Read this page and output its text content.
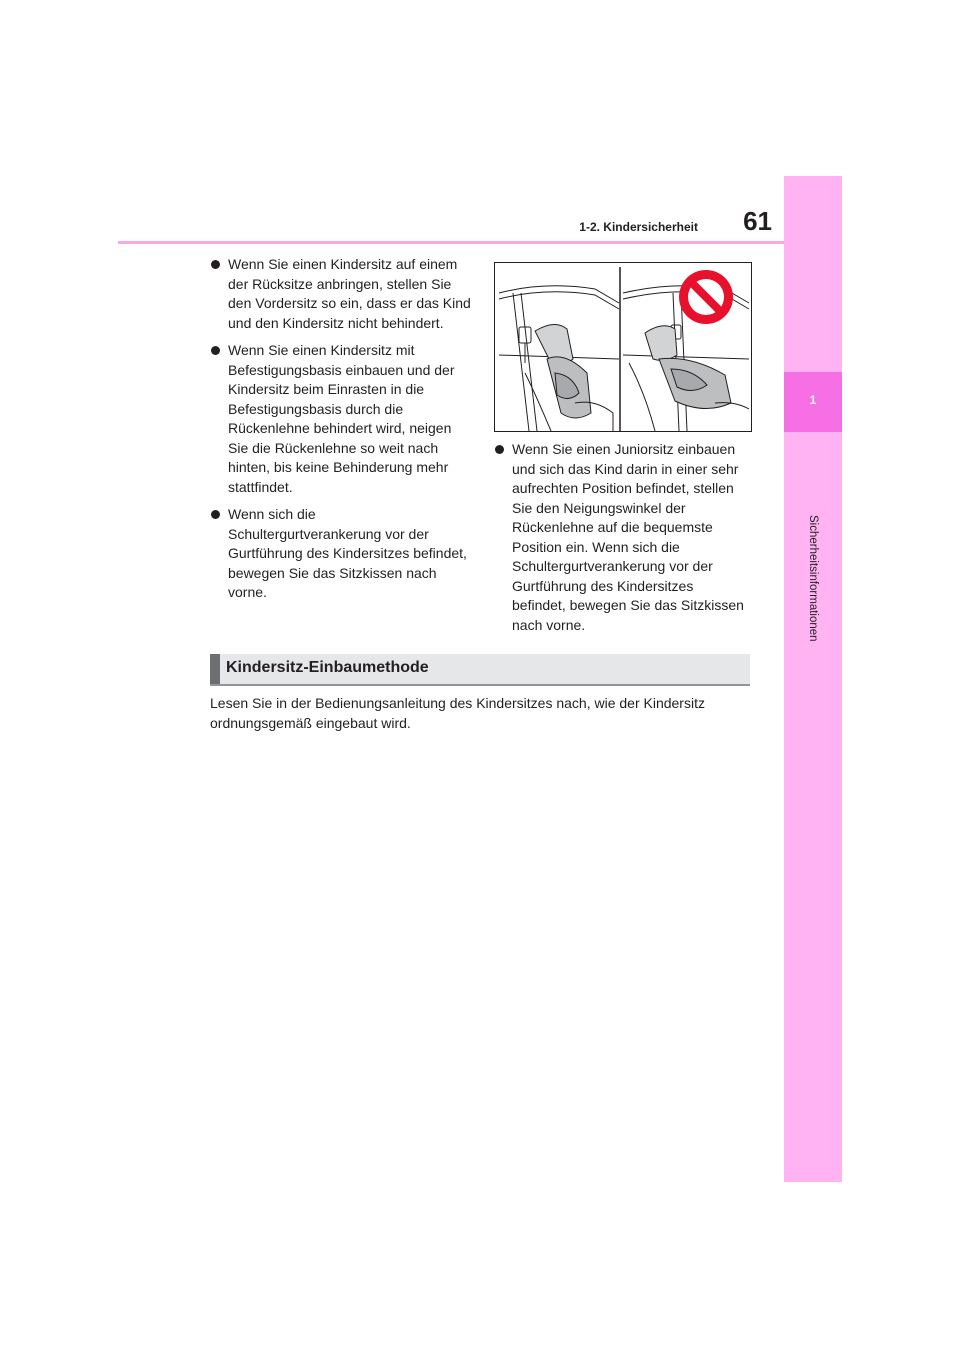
1-2. Kindersicherheit	61
1
Sicherheitsinformationen
Wenn Sie einen Kindersitz auf einem der Rücksitze anbringen, stellen Sie den Vordersitz so ein, dass er das Kind und den Kindersitz nicht behindert.
Wenn Sie einen Kindersitz mit Befestigungsbasis einbauen und der Kindersitz beim Einrasten in die Befestigungsbasis durch die Rückenlehne behindert wird, neigen Sie die Rückenlehne so weit nach hinten, bis keine Behinderung mehr stattfindet.
Wenn sich die Schultergurtverankerung vor der Gurtführung des Kindersitzes befindet, bewegen Sie das Sitzkissen nach vorne.
Wenn Sie einen Juniorsitz einbauen und sich das Kind darin in einer sehr aufrechten Position befindet, stellen Sie den Neigungswinkel der Rückenlehne auf die bequemste Position ein. Wenn sich die Schultergurtverankerung vor der Gurtführung des Kindersitzes befindet, bewegen Sie das Sitzkissen nach vorne.
Kindersitz-Einbaumethode
Lesen Sie in der Bedienungsanleitung des Kindersitzes nach, wie der Kindersitz ordnungsgemäß eingebaut wird.
